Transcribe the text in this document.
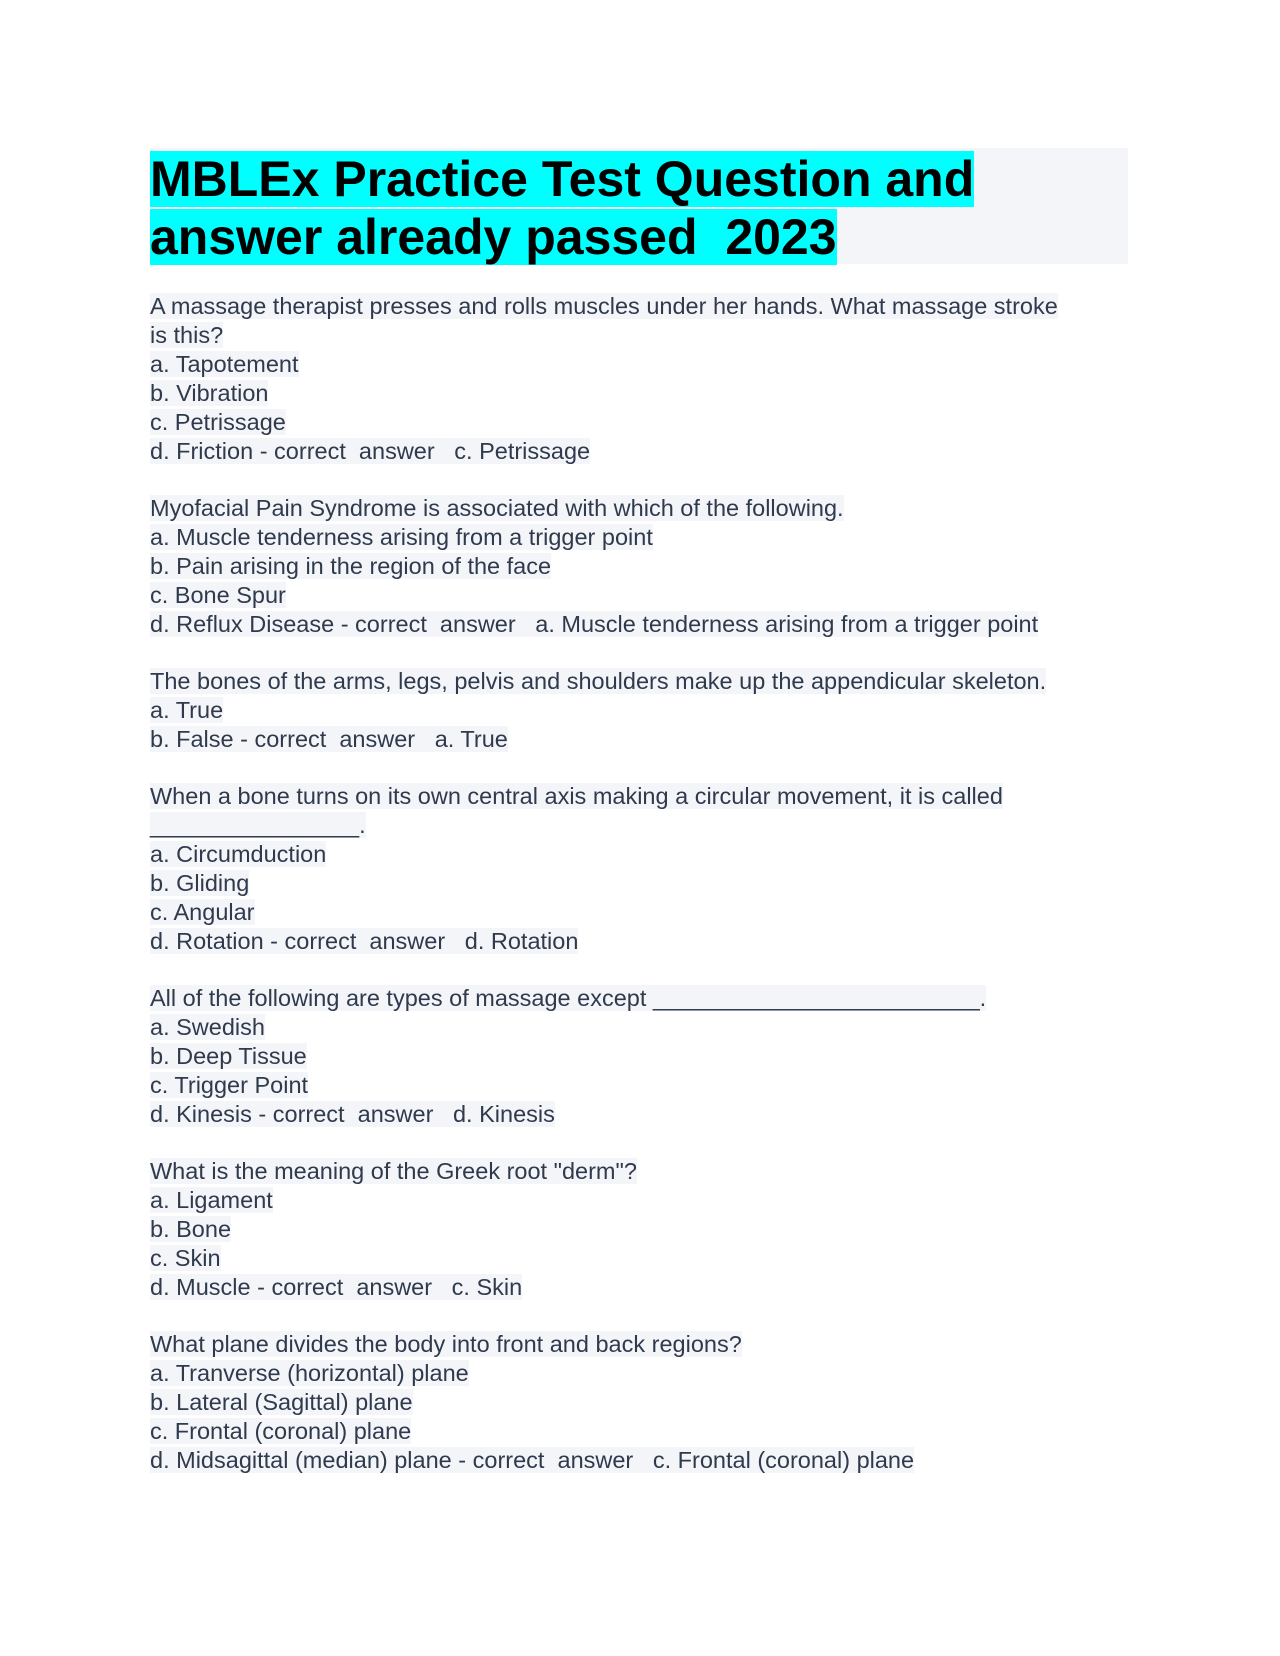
MBLEx Practice Test Question and
answer already passed  2023
A massage therapist presses and rolls muscles under her hands. What massage stroke
is this?
a. Tapotement
b. Vibration
c. Petrissage
d. Friction - correct  answer   c. Petrissage
Myofacial Pain Syndrome is associated with which of the following.
a. Muscle tenderness arising from a trigger point
b. Pain arising in the region of the face
c. Bone Spur
d. Reflux Disease - correct  answer   a. Muscle tenderness arising from a trigger point
The bones of the arms, legs, pelvis and shoulders make up the appendicular skeleton.
a. True
b. False - correct  answer   a. True
When a bone turns on its own central axis making a circular movement, it is called
________________.
a. Circumduction
b. Gliding
c. Angular
d. Rotation - correct  answer   d. Rotation
All of the following are types of massage except _________________________.
a. Swedish
b. Deep Tissue
c. Trigger Point
d. Kinesis - correct  answer   d. Kinesis
What is the meaning of the Greek root "derm"?
a. Ligament
b. Bone
c. Skin
d. Muscle - correct  answer   c. Skin
What plane divides the body into front and back regions?
a. Tranverse (horizontal) plane
b. Lateral (Sagittal) plane
c. Frontal (coronal) plane
d. Midsagittal (median) plane - correct  answer   c. Frontal (coronal) plane
